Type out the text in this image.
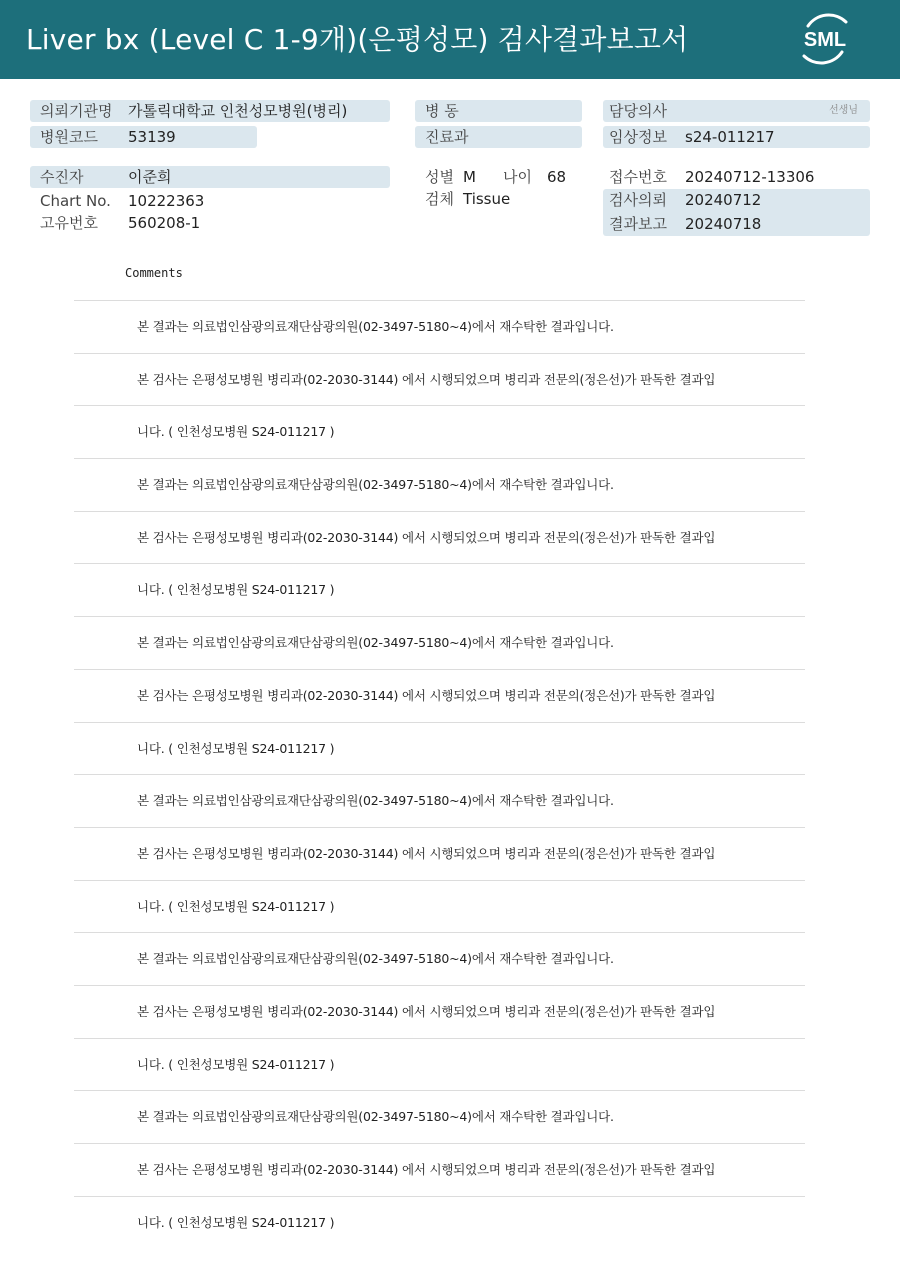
Liver bx (Level C 1-9개)(은평성모) 검사결과보고서	SML
의뢰기관명 가톨릭대학교 인천성모병원(병리)
병원코드 53139
수진자	이준희
Chart No. 10222363
고유번호 560208-1
병 동
진료과
성별 M 나이 68
검체 Tissue
담당의사	선생님
임상정보 s24-011217
접수번호 20240712-13306
검사의뢰 20240712
결과보고 20240718
Comments
본 결과는 의료법인삼광의료재단삼광의원(02-3497-5180~4)에서 재수탁한 결과입니다.
본 검사는 은평성모병원 병리과(02-2030-3144) 에서 시행되었으며 병리과 전문의(정은선)가 판독한 결과입
니다. ( 인천성모병원 S24-011217 )
본 결과는 의료법인삼광의료재단삼광의원(02-3497-5180~4)에서 재수탁한 결과입니다.
본 검사는 은평성모병원 병리과(02-2030-3144) 에서 시행되었으며 병리과 전문의(정은선)가 판독한 결과입
니다. ( 인천성모병원 S24-011217 )
본 결과는 의료법인삼광의료재단삼광의원(02-3497-5180~4)에서 재수탁한 결과입니다.
본 검사는 은평성모병원 병리과(02-2030-3144) 에서 시행되었으며 병리과 전문의(정은선)가 판독한 결과입
니다. ( 인천성모병원 S24-011217 )
본 결과는 의료법인삼광의료재단삼광의원(02-3497-5180~4)에서 재수탁한 결과입니다.
본 검사는 은평성모병원 병리과(02-2030-3144) 에서 시행되었으며 병리과 전문의(정은선)가 판독한 결과입
니다. ( 인천성모병원 S24-011217 )
본 결과는 의료법인삼광의료재단삼광의원(02-3497-5180~4)에서 재수탁한 결과입니다.
본 검사는 은평성모병원 병리과(02-2030-3144) 에서 시행되었으며 병리과 전문의(정은선)가 판독한 결과입
니다. ( 인천성모병원 S24-011217 )
본 결과는 의료법인삼광의료재단삼광의원(02-3497-5180~4)에서 재수탁한 결과입니다.
본 검사는 은평성모병원 병리과(02-2030-3144) 에서 시행되었으며 병리과 전문의(정은선)가 판독한 결과입
니다. ( 인천성모병원 S24-011217 )
